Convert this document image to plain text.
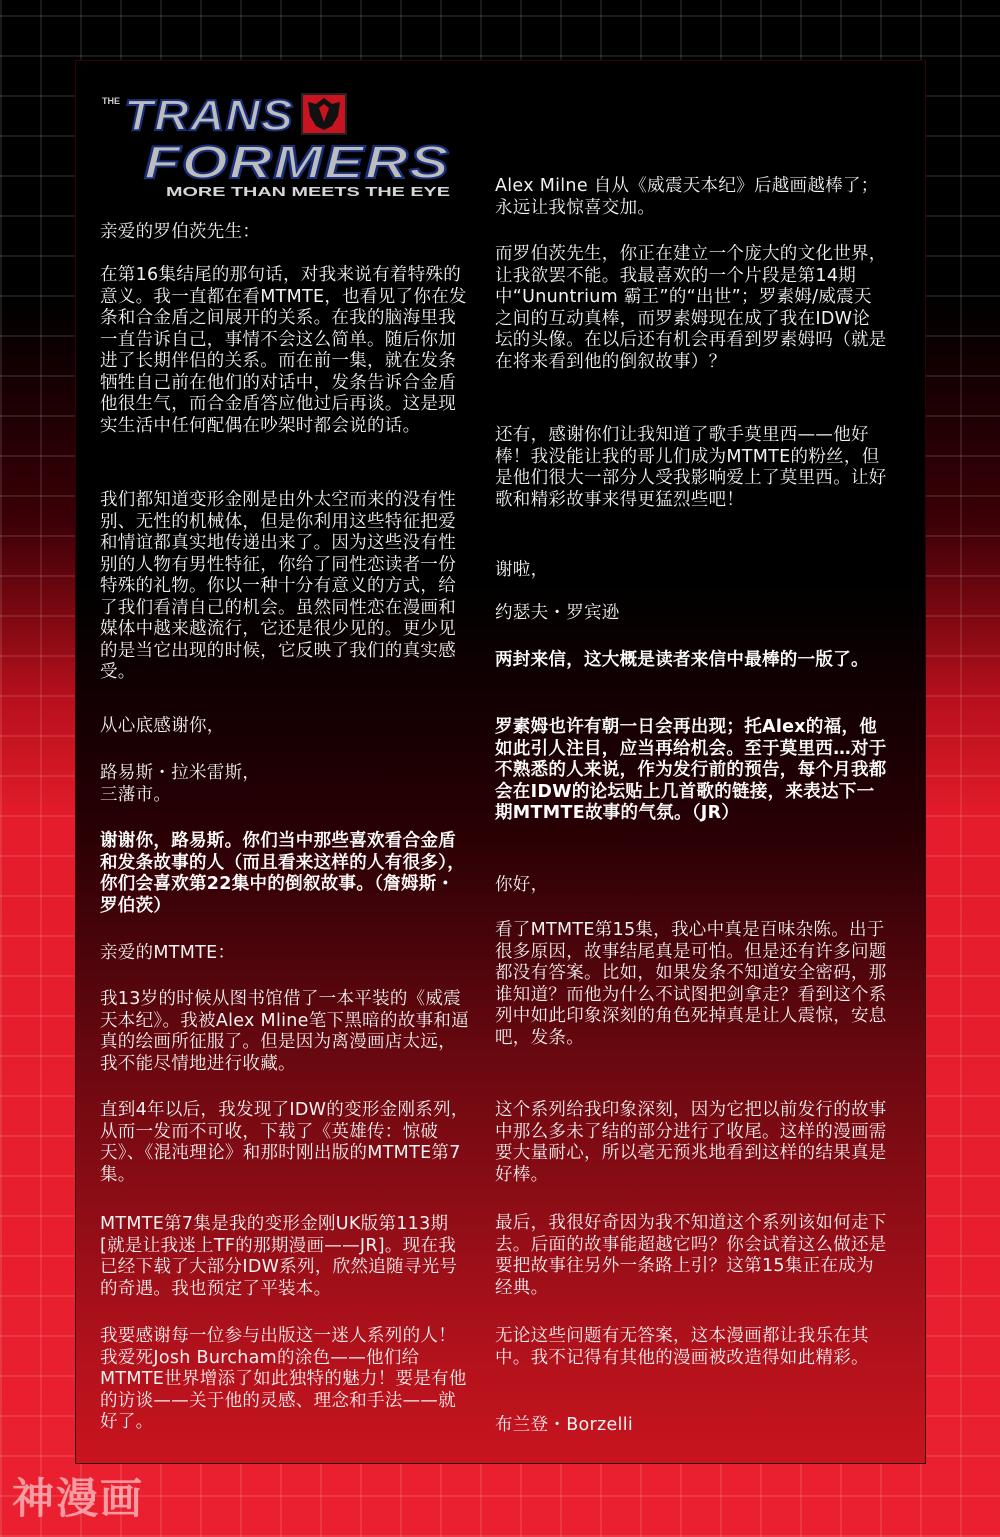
THE TRANS
FORMERS
MORE THAN MEETS THE EYE

亲爱的罗伯茨先生：

在第16集结尾的那句话，对我来说有着特殊的意义。我一直都在看MTMTE，也看见了你在发条和合金盾之间展开的关系。在我的脑海里我一直告诉自己，事情不会这么简单。随后你加进了长期伴侣的关系。而在前一集，就在发条牺牲自己前在他们的对话中，发条告诉合金盾他很生气，而合金盾答应他过后再谈。这是现实生活中任何配偶在吵架时都会说的话。

我们都知道变形金刚是由外太空而来的没有性别、无性的机械体，但是你利用这些特征把爱和情谊都真实地传递出来了。因为这些没有性别的人物有男性特征，你给了同性恋读者一份特殊的礼物。你以一种十分有意义的方式，给了我们看清自己的机会。虽然同性恋在漫画和媒体中越来越流行，它还是很少见的。更少见的是当它出现的时候，它反映了我们的真实感受。

从心底感谢你，

路易斯・拉米雷斯，
三藩市。

谢谢你，路易斯。你们当中那些喜欢看合金盾和发条故事的人（而且看来这样的人有很多），你们会喜欢第22集中的倒叙故事。（詹姆斯・罗伯茨）

亲爱的MTMTE：

我13岁的时候从图书馆借了一本平装的《威震天本纪》。我被Alex Mline笔下黑暗的故事和逼真的绘画所征服了。但是因为离漫画店太远，我不能尽情地进行收藏。

直到4年以后，我发现了IDW的变形金刚系列，从而一发而不可收，下载了《英雄传：惊破天》、《混沌理论》和那时刚出版的MTMTE第7集。

MTMTE第7集是我的变形金刚UK版第113期[就是让我迷上TF的那期漫画——JR]。现在我已经下载了大部分IDW系列，欣然追随寻光号的奇遇。我也预定了平装本。

我要感谢每一位参与出版这一迷人系列的人！我爱死Josh Burcham的涂色——他们给MTMTE世界增添了如此独特的魅力！要是有他的访谈——关于他的灵感、理念和手法——就好了。

Alex Milne 自从《威震天本纪》后越画越棒了；永远让我惊喜交加。

而罗伯茨先生，你正在建立一个庞大的文化世界，让我欲罢不能。我最喜欢的一个片段是第14期中“Ununtrium 霸王”的“出世”；罗素姆/威震天之间的互动真棒，而罗素姆现在成了我在IDW论坛的头像。在以后还有机会再看到罗素姆吗（就是在将来看到他的倒叙故事）？

还有，感谢你们让我知道了歌手莫里西——他好棒！我没能让我的哥儿们成为MTMTE的粉丝，但是他们很大一部分人受我影响爱上了莫里西。让好歌和精彩故事来得更猛烈些吧！

谢啦，

约瑟夫・罗宾逊

两封来信，这大概是读者来信中最棒的一版了。

罗素姆也许有朝一日会再出现；托Alex的福，他如此引人注目，应当再给机会。至于莫里西…对于不熟悉的人来说，作为发行前的预告，每个月我都会在IDW的论坛贴上几首歌的链接，来表达下一期MTMTE故事的气氛。（JR）

你好，

看了MTMTE第15集，我心中真是百味杂陈。出于很多原因，故事结尾真是可怕。但是还有许多问题都没有答案。比如，如果发条不知道安全密码，那谁知道？而他为什么不试图把剑拿走？看到这个系列中如此印象深刻的角色死掉真是让人震惊，安息吧，发条。

这个系列给我印象深刻，因为它把以前发行的故事中那么多未了结的部分进行了收尾。这样的漫画需要大量耐心，所以毫无预兆地看到这样的结果真是好棒。

最后，我很好奇因为我不知道这个系列该如何走下去。后面的故事能超越它吗？你会试着这么做还是要把故事往另外一条路上引？这第15集正在成为经典。

无论这些问题有无答案，这本漫画都让我乐在其中。我不记得有其他的漫画被改造得如此精彩。

布兰登・Borzelli

神漫画
